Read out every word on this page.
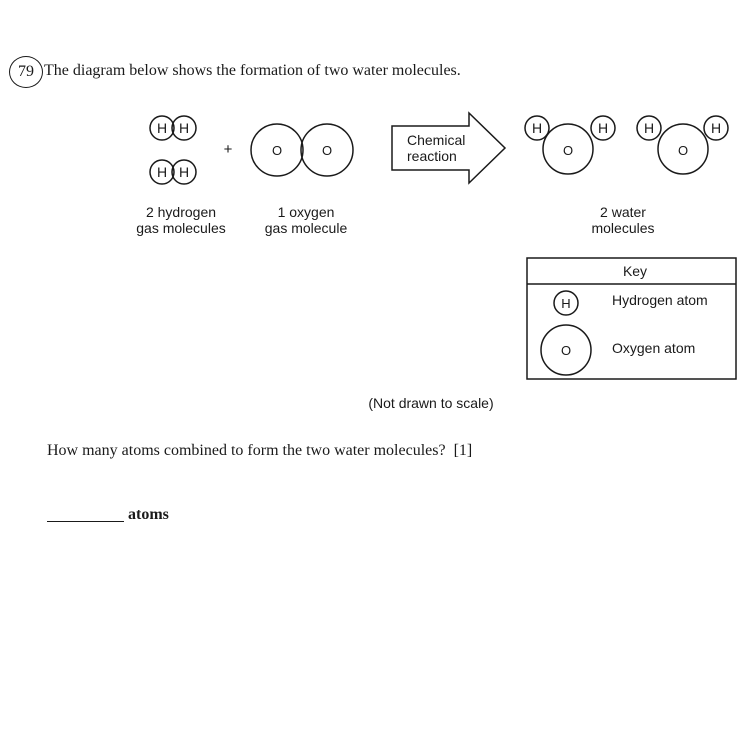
79 The diagram below shows the formation of two water molecules.
H H
H H
+	O	O
Chemical
reaction
H	H
O
H	H
O
2 hydrogen
gas molecules
1 oxygen
gas molecule
2 water
molecules
Key
H
O
Hydrogen atom
Oxygen atom
(Not drawn to scale)
How many atoms combined to form the two water molecules? [1]
atoms
